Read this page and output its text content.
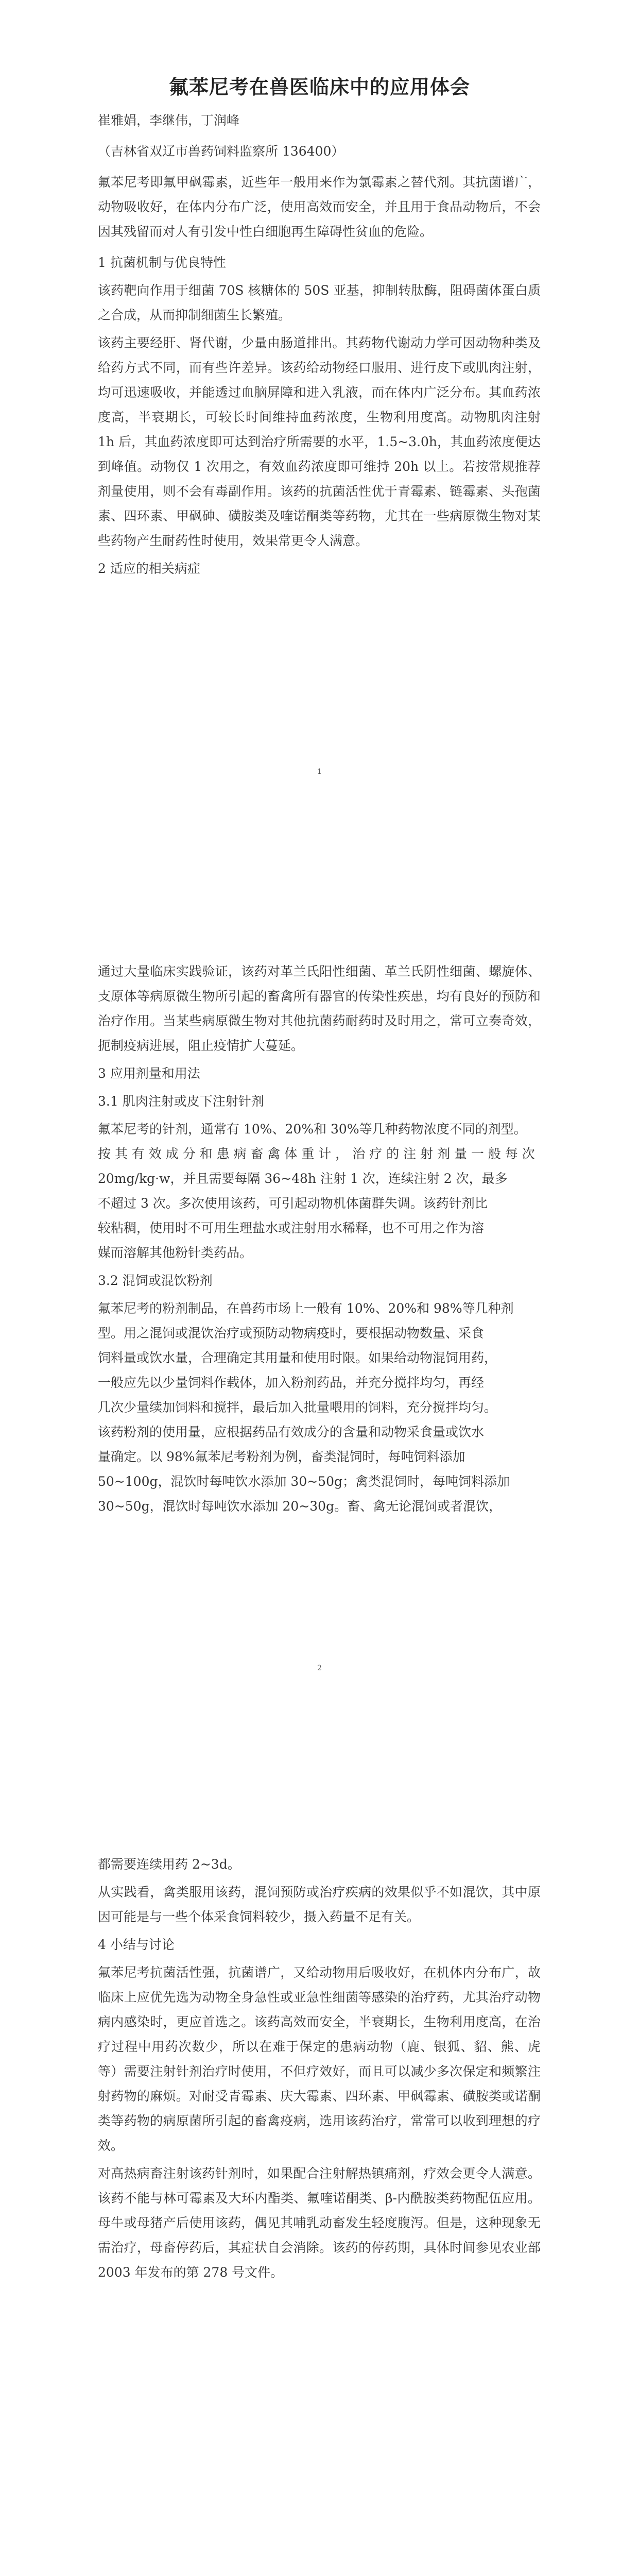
氟苯尼考在兽医临床中的应用体会

崔雅娟，李继伟，丁润峰

（吉林省双辽市兽药饲料监察所 136400）

氟苯尼考即氟甲砜霉素，近些年一般用来作为氯霉素之替代剂。其抗菌谱广，动物吸收好，在体内分布广泛，使用高效而安全，并且用于食品动物后，不会因其残留而对人有引发中性白细胞再生障碍性贫血的危险。

1 抗菌机制与优良特性

该药靶向作用于细菌 70S 核糖体的 50S 亚基，抑制转肽酶，阻碍菌体蛋白质之合成，从而抑制细菌生长繁殖。

该药主要经肝、肾代谢，少量由肠道排出。其药物代谢动力学可因动物种类及给药方式不同，而有些许差异。该药给动物经口服用、进行皮下或肌肉注射，均可迅速吸收，并能透过血脑屏障和进入乳液，而在体内广泛分布。其血药浓度高，半衰期长，可较长时间维持血药浓度，生物利用度高。动物肌肉注射 1h 后，其血药浓度即可达到治疗所需要的水平，1.5~3.0h，其血药浓度便达到峰值。动物仅 1 次用之，有效血药浓度即可维持 20h 以上。若按常规推荐剂量使用，则不会有毒副作用。该药的抗菌活性优于青霉素、链霉素、头孢菌素、四环素、甲砜砷、磺胺类及喹诺酮类等药物，尤其在一些病原微生物对某些药物产生耐药性时使用，效果常更令人满意。

2 适应的相关病症

1

通过大量临床实践验证，该药对革兰氏阳性细菌、革兰氏阴性细菌、螺旋体、支原体等病原微生物所引起的畜禽所有器官的传染性疾患，均有良好的预防和治疗作用。当某些病原微生物对其他抗菌药耐药时及时用之，常可立奏奇效，扼制疫病进展，阻止疫情扩大蔓延。

3 应用剂量和用法

3.1 肌肉注射或皮下注射针剂

氟苯尼考的针剂，通常有 10%、20%和 30%等几种药物浓度不同的剂型。
按 其 有 效 成 分 和 患 病 畜 禽 体 重 计 ， 治 疗 的 注 射 剂 量 一 般 每 次
20mg/kg·w，并且需要每隔 36~48h 注射 1 次，连续注射 2 次，最多
不超过 3 次。多次使用该药，可引起动物机体菌群失调。该药针剂比
较粘稠，使用时不可用生理盐水或注射用水稀释，也不可用之作为溶
媒而溶解其他粉针类药品。

3.2 混饲或混饮粉剂

氟苯尼考的粉剂制品，在兽药市场上一般有 10%、20%和 98%等几种剂
型。用之混饲或混饮治疗或预防动物病疫时，要根据动物数量、采食
饲料量或饮水量，合理确定其用量和使用时限。如果给动物混饲用药，
一般应先以少量饲料作载体，加入粉剂药品，并充分搅拌均匀，再经
几次少量续加饲料和搅拌，最后加入批量喂用的饲料，充分搅拌均匀。
该药粉剂的使用量，应根据药品有效成分的含量和动物采食量或饮水
量确定。以 98%氟苯尼考粉剂为例，畜类混饲时，每吨饲料添加
50~100g，混饮时每吨饮水添加 30~50g；禽类混饲时，每吨饲料添加
30~50g，混饮时每吨饮水添加 20~30g。畜、禽无论混饲或者混饮，
2

都需要连续用药 2~3d。

从实践看，禽类服用该药，混饲预防或治疗疾病的效果似乎不如混饮，其中原因可能是与一些个体采食饲料较少，摄入药量不足有关。

4 小结与讨论

氟苯尼考抗菌活性强，抗菌谱广，又给动物用后吸收好，在机体内分布广，故临床上应优先选为动物全身急性或亚急性细菌等感染的治疗药，尤其治疗动物病内感染时，更应首选之。该药高效而安全，半衰期长，生物利用度高，在治疗过程中用药次数少，所以在难于保定的患病动物（鹿、银狐、貂、熊、虎等）需要注射针剂治疗时使用，不但疗效好，而且可以减少多次保定和频繁注射药物的麻烦。对耐受青霉素、庆大霉素、四环素、甲砜霉素、磺胺类或诺酮类等药物的病原菌所引起的畜禽疫病，选用该药治疗，常常可以收到理想的疗效。

对高热病畜注射该药针剂时，如果配合注射解热镇痛剂，疗效会更令人满意。该药不能与林可霉素及大环内酯类、氟喹诺酮类、β-内酰胺类药物配伍应用。母牛或母猪产后使用该药，偶见其哺乳动畜发生轻度腹泻。但是，这种现象无需治疗，母畜停药后，其症状自会消除。该药的停药期，具体时间参见农业部 2003 年发布的第 278 号文件。
